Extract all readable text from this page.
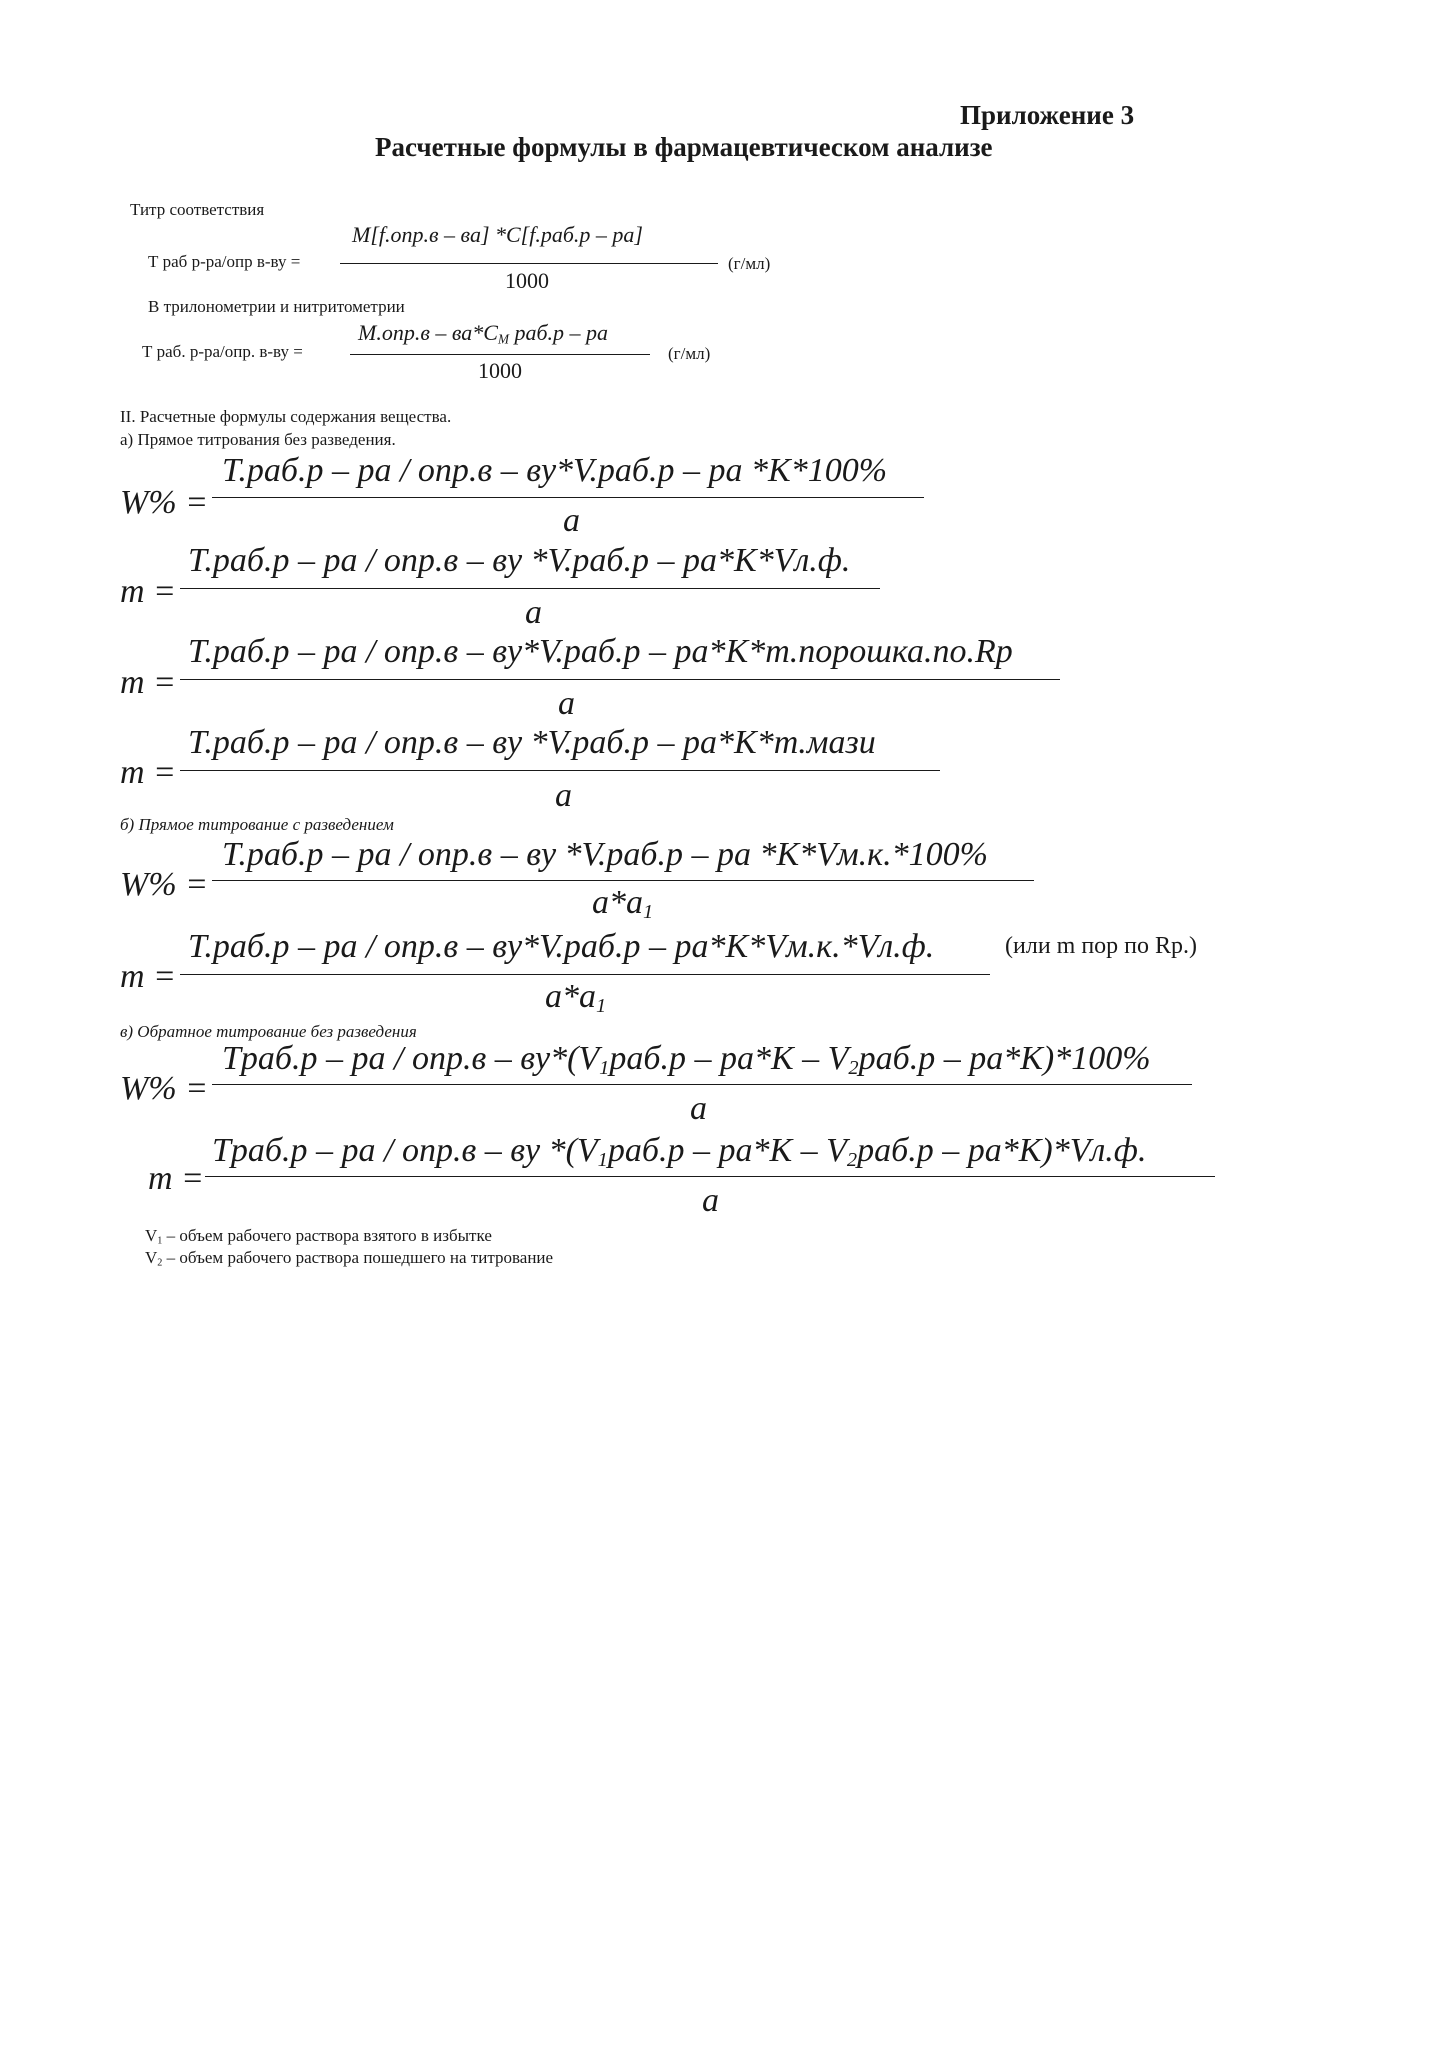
Приложение 3
Расчетные формулы в фармацевтическом анализе
Титр соответствия
Т раб р-ра/опр в-ву =
M[f.опр.в – ва] *C[f.раб.р – ра]
1000
(г/мл)
В трилонометрии и нитритометрии
Т раб. р-ра/опр. в-ву =
$M.опр.в - ва*C_M$ раб.р – ра
1000
(г/мл)
II. Расчетные формулы содержания вещества.
а) Прямое титрования без разведения.
W% =
T.раб.р – ра / опр.в – ву*V.раб.р – ра *K*100%
a
m =
T.раб.р – ра / опр.в – ву *V.раб.р – ра*K*Vл.ф.
a
m =
T.раб.р – ра / опр.в – ву*V.раб.р – ра*K*m.порошка.по.Rp
a
m =
T.раб.р – ра / опр.в – ву *V.раб.р – ра*K*m.мази
a
б) Прямое титрование с разведением
W% =
T.раб.р – ра / опр.в – ву *V.раб.р – ра *K*Vм.к.*100%
$a*a_1$
m =
T.раб.р – ра / опр.в – ву*V.раб.р – ра*K*Vм.к.*Vл.ф.
$a*a_1$
(или m пор по Rp.)
в) Обратное титрование без разведения
W% =
Tраб.р – ра / $опр.в - ву*(V_1раб.р - ра*K - V_2раб.р - ра*K)*100\%$
a
m =
Tраб.р – ра / опр.в – ву $*(V_1раб.р - ра*K - V_2раб.р - ра*K)*Vл.ф$.
a
$V_1$ – объем рабочего раствора взятого в избытке
$V_2$ – объем рабочего раствора пошедшего на титрование
